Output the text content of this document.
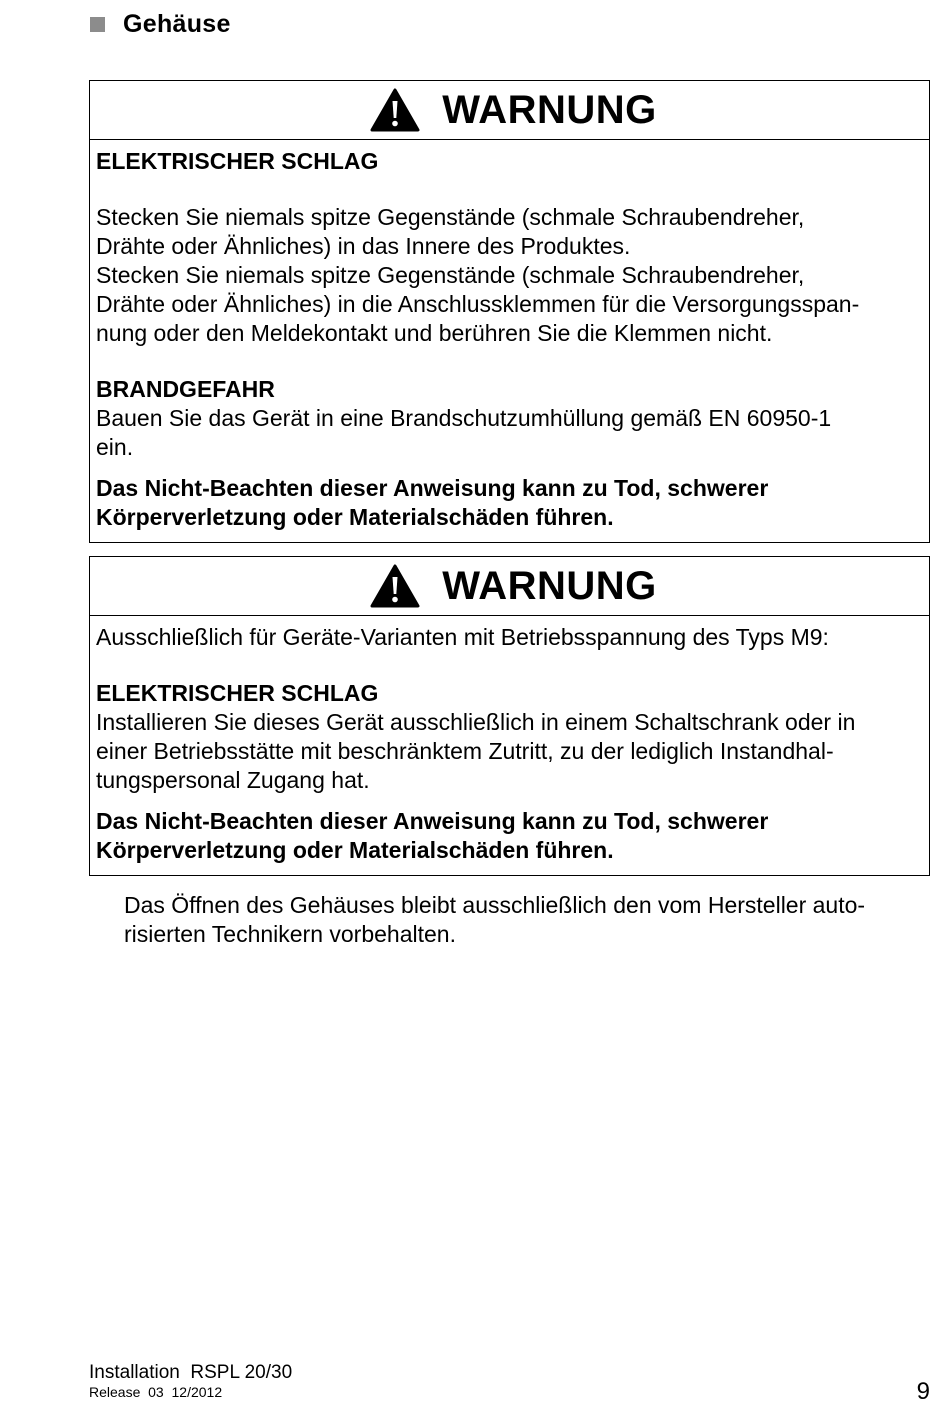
Gehäuse
WARNUNG

ELEKTRISCHER SCHLAG

Stecken Sie niemals spitze Gegenstände (schmale Schraubendreher,

Drähte oder Ähnliches) in das Innere des Produktes.

Stecken Sie niemals spitze Gegenstände (schmale Schraubendreher,

Drähte oder Ähnliches) in die Anschlussklemmen für die Versorgungsspan-

nung oder den Meldekontakt und berühren Sie die Klemmen nicht.

BRANDGEFAHR

Bauen Sie das Gerät in eine Brandschutzumhüllung gemäß EN 60950-1

ein.

Das Nicht-Beachten dieser Anweisung kann zu Tod, schwerer

Körperverletzung oder Materialschäden führen.

WARNUNG

Ausschließlich für Geräte-Varianten mit Betriebsspannung des Typs M9:

ELEKTRISCHER SCHLAG

Installieren Sie dieses Gerät ausschließlich in einem Schaltschrank oder in

einer Betriebsstätte mit beschränktem Zutritt, zu der lediglich Instandhal-

tungspersonal Zugang hat.

Das Nicht-Beachten dieser Anweisung kann zu Tod, schwerer

Körperverletzung oder Materialschäden führen.

Das Öffnen des Gehäuses bleibt ausschließlich den vom Hersteller auto-
risierten Technikern vorbehalten.
Installation  RSPL 20/30
Release  03  12/2012	9
